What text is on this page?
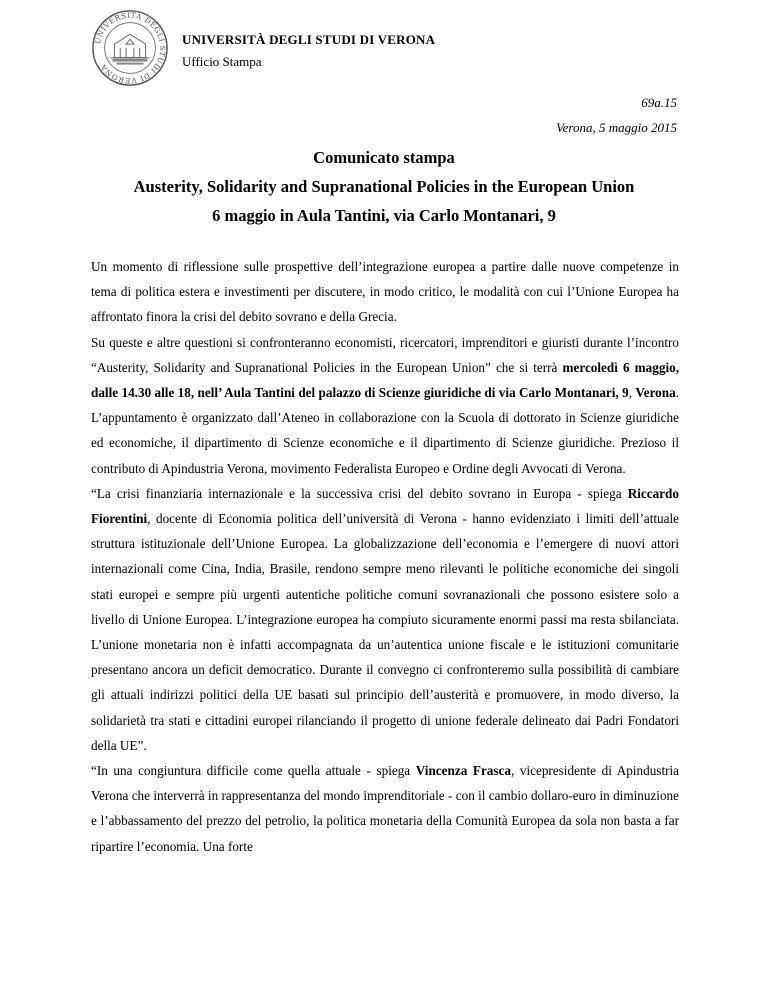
UNIVERSITÀ DEGLI STUDI DI VERONA
UNIVERSITÀ DEGLI STUDI DI VERONA
Ufficio Stampa
69a.15
Verona, 5 maggio 2015
Comunicato stampa
Austerity, Solidarity and Supranational Policies in the European Union
6 maggio in Aula Tantini, via Carlo Montanari, 9

Un momento di riflessione sulle prospettive dell’integrazione europea a partire dalle nuove competenze in tema di politica estera e investimenti per discutere, in modo critico, le modalità con cui l’Unione Europea ha affrontato finora la crisi del debito sovrano e della Grecia.

Su queste e altre questioni si confronteranno economisti, ricercatori, imprenditori e giuristi durante l’incontro “Austerity, Solidarity and Supranational Policies in the European Union” che si terrà mercoledì 6 maggio, dalle 14.30 alle 18, nell’ Aula Tantini del palazzo di Scienze giuridiche di via Carlo Montanari, 9, Verona. L’appuntamento è organizzato dall’Ateneo in collaborazione con la Scuola di dottorato in Scienze giuridiche ed economiche, il dipartimento di Scienze economiche e il dipartimento di Scienze giuridiche. Prezioso il contributo di Apindustria Verona, movimento Federalista Europeo e Ordine degli Avvocati di Verona.

“La crisi finanziaria internazionale e la successiva crisi del debito sovrano in Europa - spiega Riccardo Fiorentini, docente di Economia politica dell’università di Verona - hanno evidenziato i limiti dell’attuale struttura istituzionale dell’Unione Europea. La globalizzazione dell’economia e l’emergere di nuovi attori internazionali come Cina, India, Brasile, rendono sempre meno rilevanti le politiche economiche dei singoli stati europei e sempre più urgenti autentiche politiche comuni sovranazionali che possono esistere solo a livello di Unione Europea. L’integrazione europea ha compiuto sicuramente enormi passi ma resta sbilanciata. L’unione monetaria non è infatti accompagnata da un’autentica unione fiscale e le istituzioni comunitarie presentano ancora un deficit democratico. Durante il convegno ci confronteremo sulla possibilità di cambiare gli attuali indirizzi politici della UE basati sul principio dell’austerità e promuovere, in modo diverso, la solidarietà tra stati e cittadini europei rilanciando il progetto di unione federale delineato dai Padri Fondatori della UE”.

“In una congiuntura difficile come quella attuale - spiega Vincenza Frasca, vicepresidente di Apindustria Verona che interverrà in rappresentanza del mondo imprenditoriale - con il cambio dollaro-euro in diminuzione e l’abbassamento del prezzo del petrolio, la politica monetaria della Comunità Europea da sola non basta a far ripartire l’economia. Una forte
